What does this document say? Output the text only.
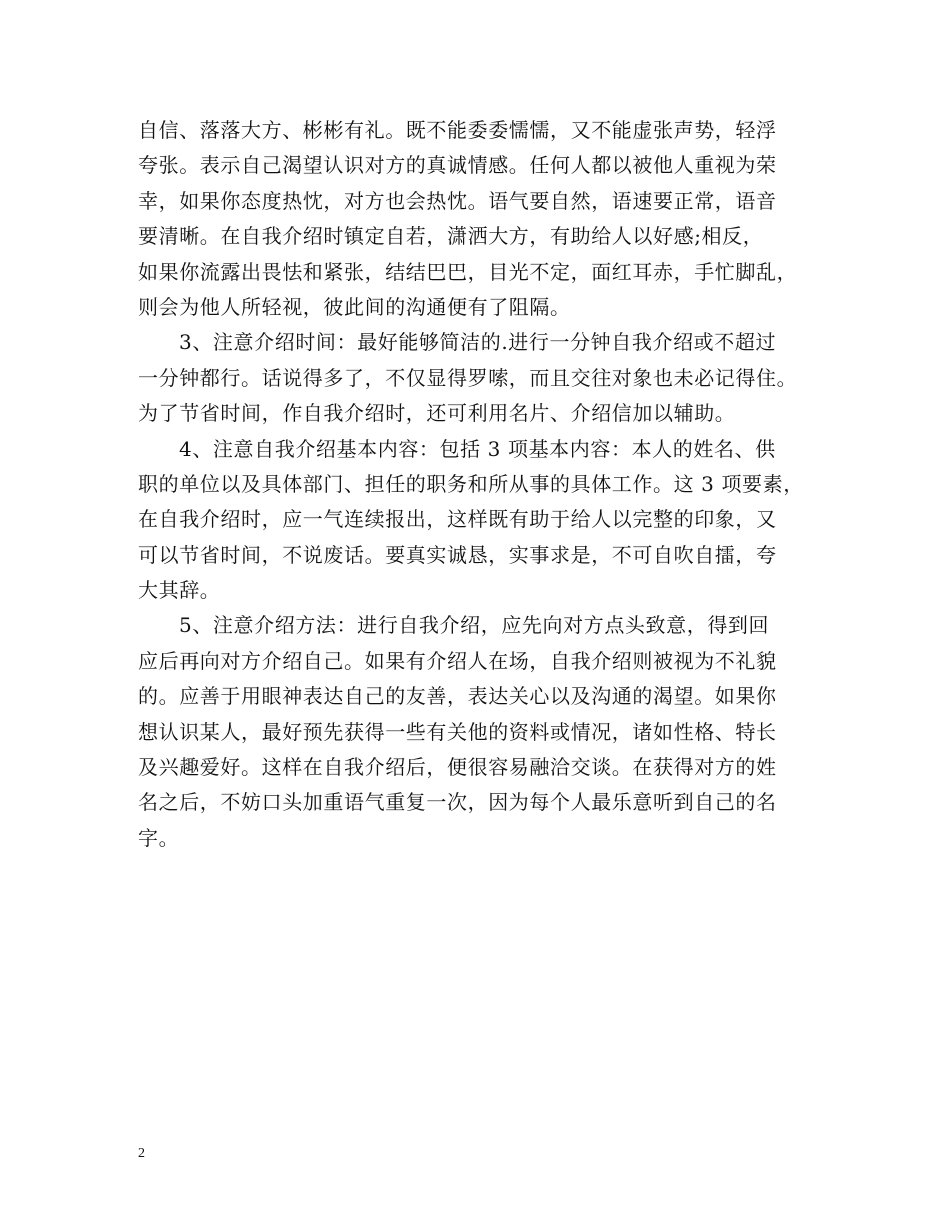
自信、落落大方、彬彬有礼。既不能委委懦懦，又不能虚张声势，轻浮
夸张。表示自己渴望认识对方的真诚情感。任何人都以被他人重视为荣
幸，如果你态度热忱，对方也会热忱。语气要自然，语速要正常，语音
要清晰。在自我介绍时镇定自若，潇洒大方，有助给人以好感;相反，
如果你流露出畏怯和紧张，结结巴巴，目光不定，面红耳赤，手忙脚乱，
则会为他人所轻视，彼此间的沟通便有了阻隔。
3、注意介绍时间：最好能够简洁的.进行一分钟自我介绍或不超过
一分钟都行。话说得多了，不仅显得罗嗦，而且交往对象也未必记得住。
为了节省时间，作自我介绍时，还可利用名片、介绍信加以辅助。
4、注意自我介绍基本内容：包括 3 项基本内容：本人的姓名、供
职的单位以及具体部门、担任的职务和所从事的具体工作。这 3 项要素，
在自我介绍时，应一气连续报出，这样既有助于给人以完整的印象，又
可以节省时间，不说废话。要真实诚恳，实事求是，不可自吹自擂，夸
大其辞。
5、注意介绍方法：进行自我介绍，应先向对方点头致意，得到回
应后再向对方介绍自己。如果有介绍人在场，自我介绍则被视为不礼貌
的。应善于用眼神表达自己的友善，表达关心以及沟通的渴望。如果你
想认识某人，最好预先获得一些有关他的资料或情况，诸如性格、特长
及兴趣爱好。这样在自我介绍后，便很容易融洽交谈。在获得对方的姓
名之后，不妨口头加重语气重复一次，因为每个人最乐意听到自己的名
字。
2
